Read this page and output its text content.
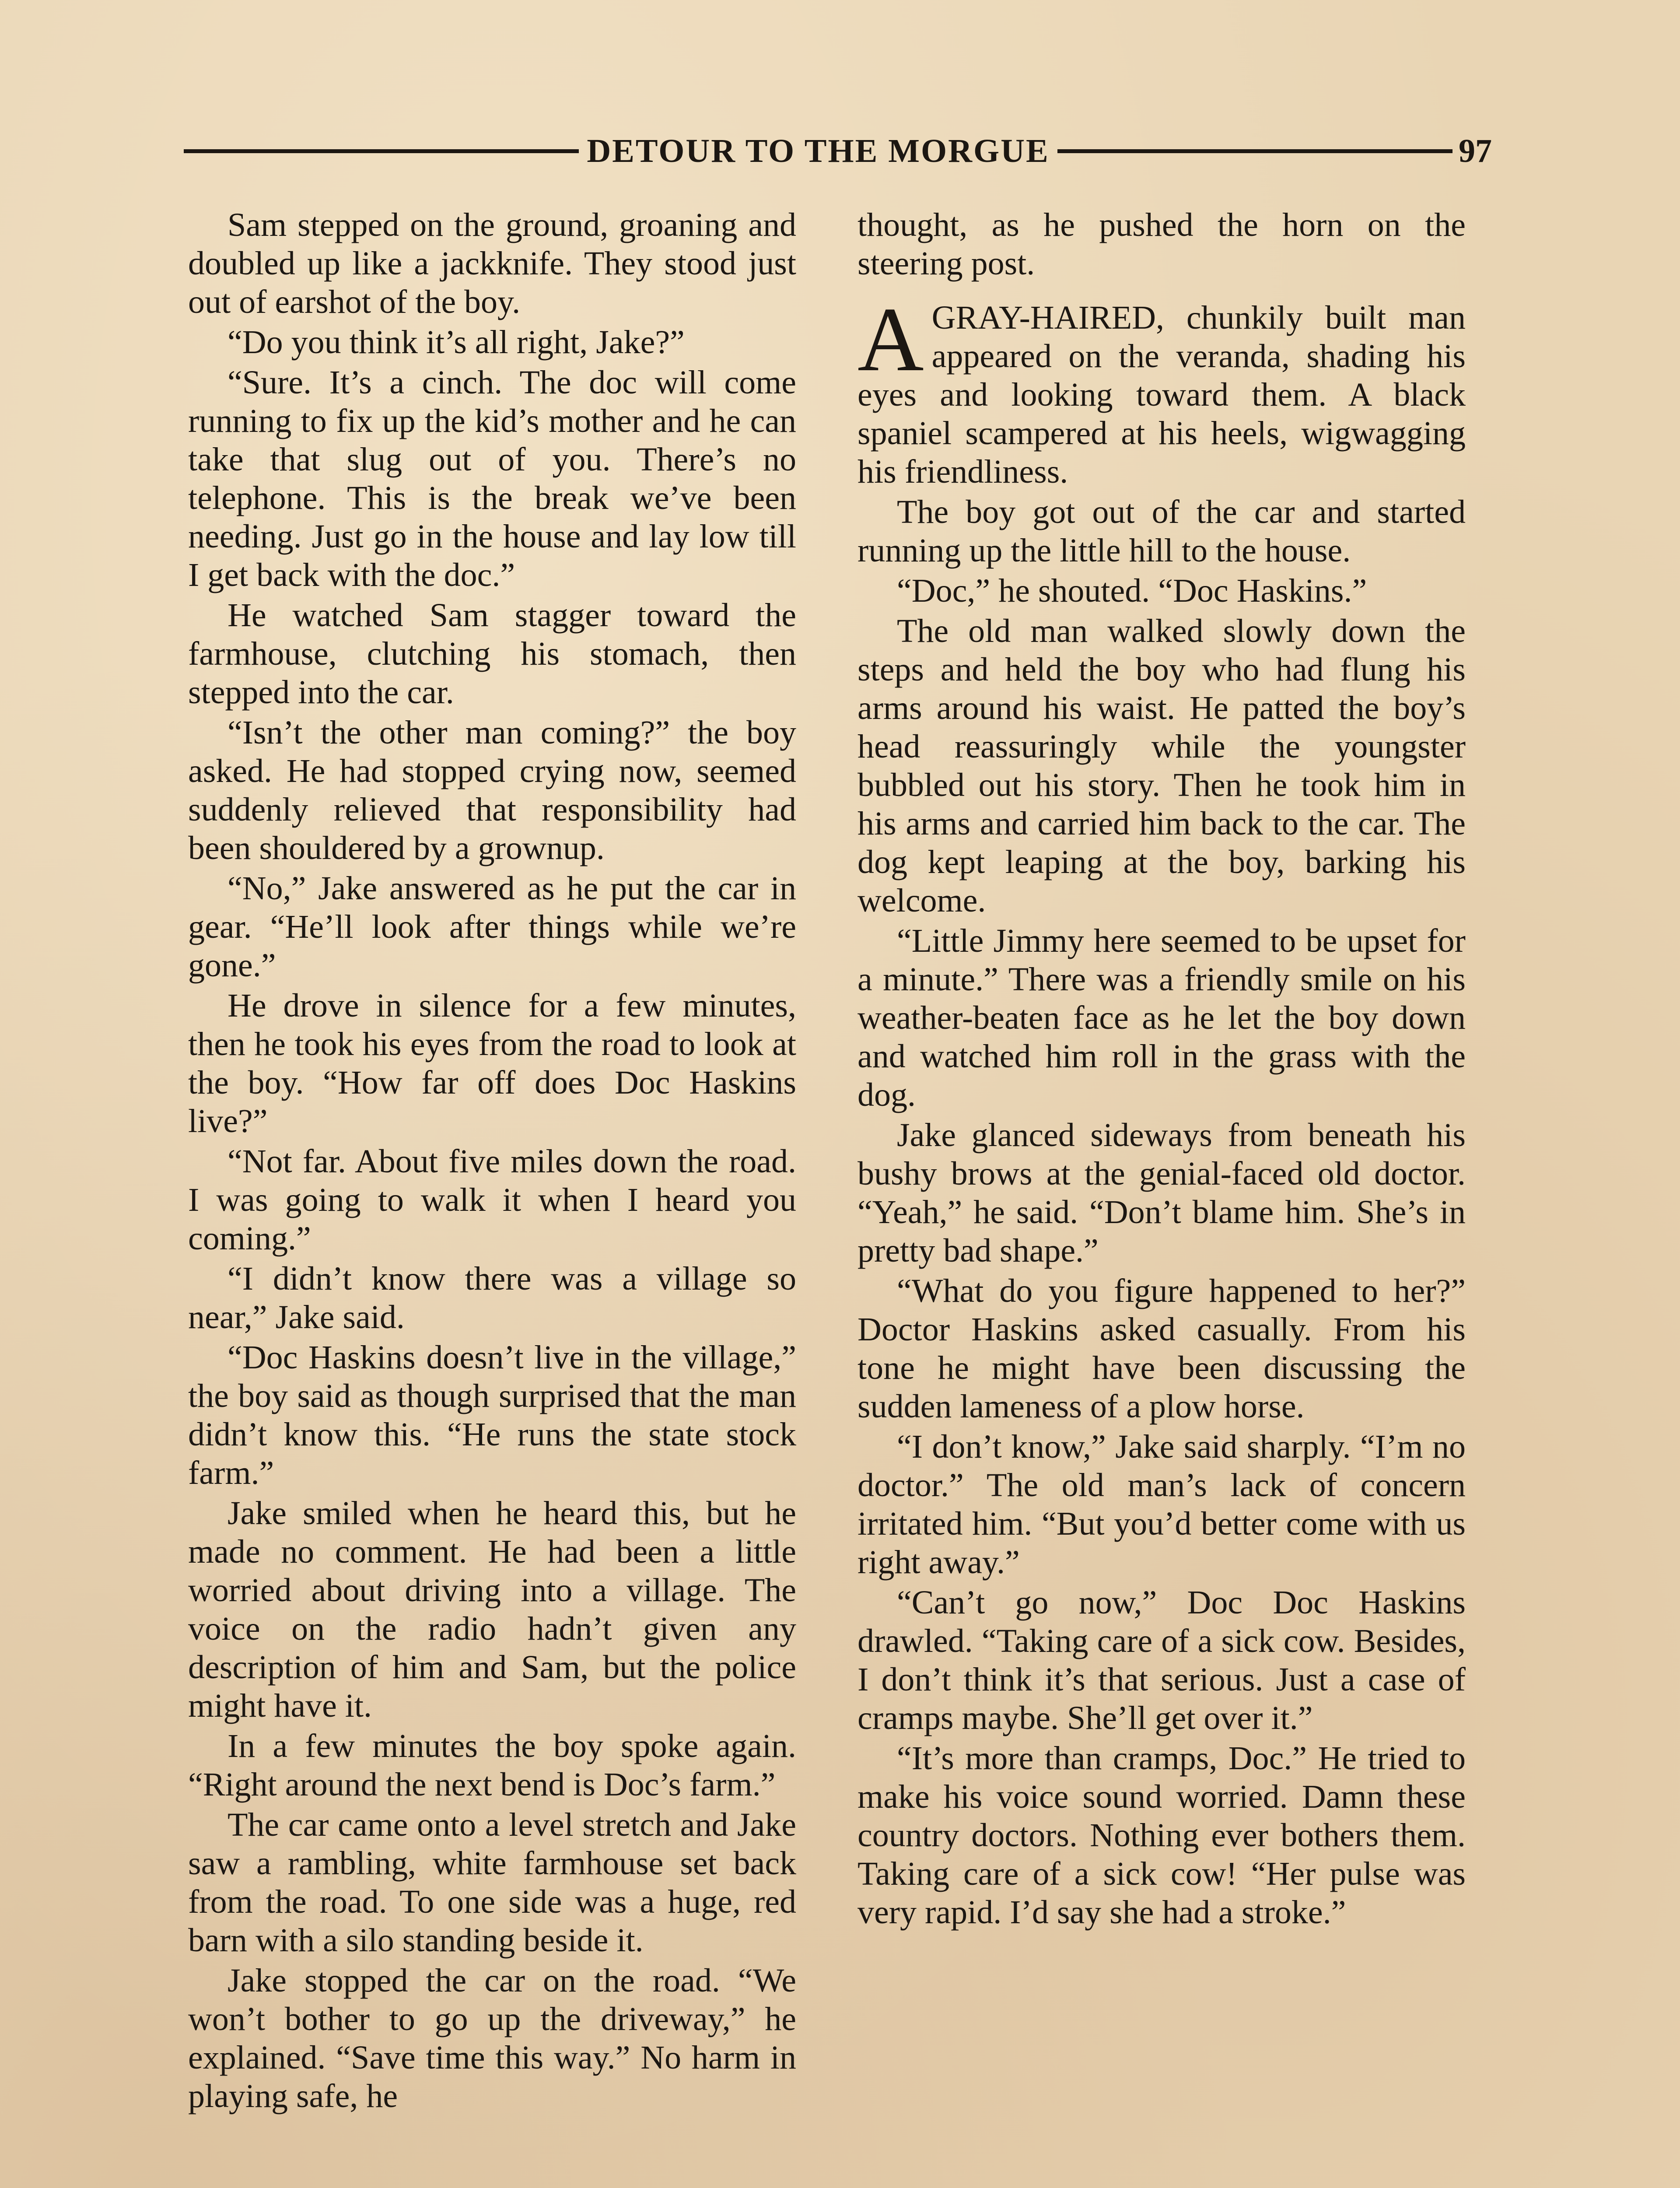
DETOUR TO THE MORGUE	97

Sam stepped on the ground, groaning and doubled up like a jackknife. They stood just out of earshot of the boy.

“Do you think it’s all right, Jake?”

“Sure. It’s a cinch. The doc will come running to fix up the kid’s mother and he can take that slug out of you. There’s no telephone. This is the break we’ve been needing. Just go in the house and lay low till I get back with the doc.”

He watched Sam stagger toward the farmhouse, clutching his stomach, then stepped into the car.

“Isn’t the other man coming?” the boy asked. He had stopped crying now, seemed suddenly relieved that responsibility had been shouldered by a grownup.

“No,” Jake answered as he put the car in gear. “He’ll look after things while we’re gone.”

He drove in silence for a few minutes, then he took his eyes from the road to look at the boy. “How far off does Doc Haskins live?”

“Not far. About five miles down the road. I was going to walk it when I heard you coming.”

“I didn’t know there was a village so near,” Jake said.

“Doc Haskins doesn’t live in the village,” the boy said as though surprised that the man didn’t know this. “He runs the state stock farm.”

Jake smiled when he heard this, but he made no comment. He had been a little worried about driving into a village. The voice on the radio hadn’t given any description of him and Sam, but the police might have it.

In a few minutes the boy spoke again. “Right around the next bend is Doc’s farm.”

The car came onto a level stretch and Jake saw a rambling, white farmhouse set back from the road. To one side was a huge, red barn with a silo standing beside it.

Jake stopped the car on the road. “We won’t bother to go up the driveway,” he explained. “Save time this way.” No harm in playing safe, he

thought, as he pushed the horn on the steering post.

A GRAY-HAIRED, chunkily built man appeared on the veranda, shading his eyes and looking toward them. A black spaniel scampered at his heels, wigwagging his friendliness.

The boy got out of the car and started running up the little hill to the house.

“Doc,” he shouted. “Doc Haskins.”

The old man walked slowly down the steps and held the boy who had flung his arms around his waist. He patted the boy’s head reassuringly while the youngster bubbled out his story. Then he took him in his arms and carried him back to the car. The dog kept leaping at the boy, barking his welcome.

“Little Jimmy here seemed to be upset for a minute.” There was a friendly smile on his weather-beaten face as he let the boy down and watched him roll in the grass with the dog.

Jake glanced sideways from beneath his bushy brows at the genial-faced old doctor. “Yeah,” he said. “Don’t blame him. She’s in pretty bad shape.”

“What do you figure happened to her?” Doctor Haskins asked casually. From his tone he might have been discussing the sudden lameness of a plow horse.

“I don’t know,” Jake said sharply. “I’m no doctor.” The old man’s lack of concern irritated him. “But you’d better come with us right away.”

“Can’t go now,” Doc Doc Haskins drawled. “Taking care of a sick cow. Besides, I don’t think it’s that serious. Just a case of cramps maybe. She’ll get over it.”

“It’s more than cramps, Doc.” He tried to make his voice sound worried. Damn these country doctors. Nothing ever bothers them. Taking care of a sick cow! “Her pulse was very rapid. I’d say she had a stroke.”
